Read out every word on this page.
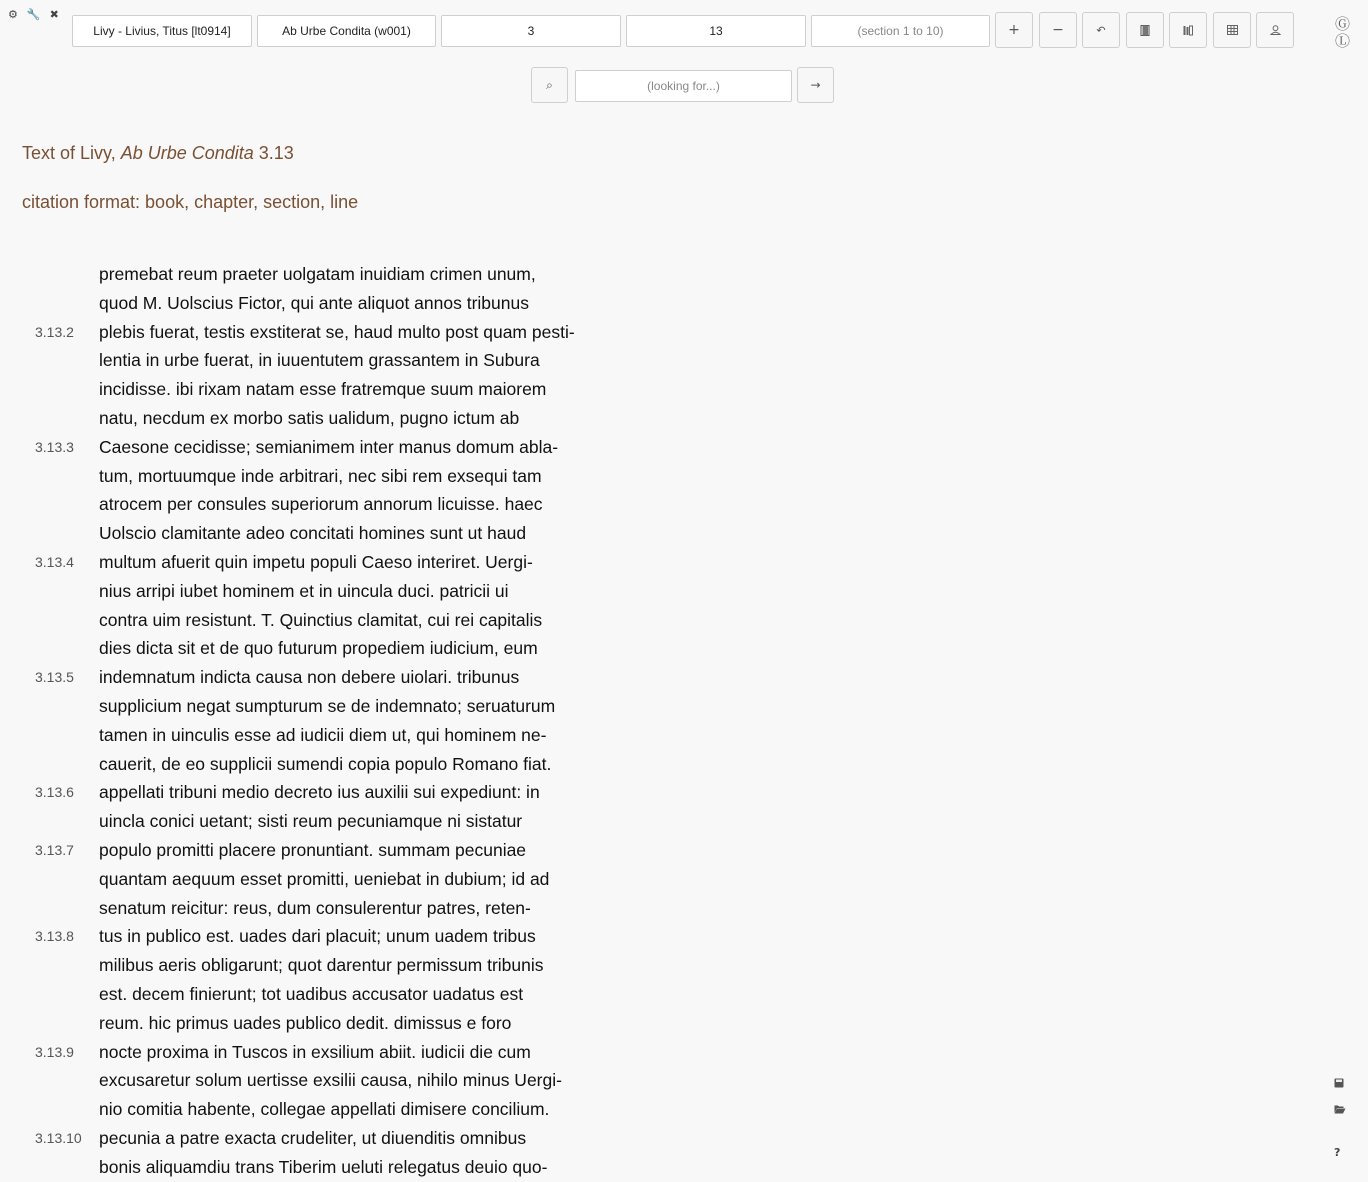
⚙ 🔧 ✖
Livy - Livius, Titus [lt0914]
Ab Urbe Condita (w001)
3
13
(section 1 to 10)
+ −	↶	Ⓖ
Ⓛ
⌕
(looking for...)	→
Text of Livy, Ab Urbe Condita 3.13
citation format: book, chapter, section, line
premebat reum praeter uolgatam inuidiam crimen unum,
quod M. Uolscius Fictor, qui ante aliquot annos tribunus
3.13.2 plebis fuerat, testis exstiterat se, haud multo post quam pesti-
lentia in urbe fuerat, in iuuentutem grassantem in Subura
incidisse. ibi rixam natam esse fratremque suum maiorem
natu, necdum ex morbo satis ualidum, pugno ictum ab
3.13.3 Caesone cecidisse; semianimem inter manus domum abla-
tum, mortuumque inde arbitrari, nec sibi rem exsequi tam
atrocem per consules superiorum annorum licuisse. haec
Uolscio clamitante adeo concitati homines sunt ut haud
3.13.4 multum afuerit quin impetu populi Caeso interiret. Uergi-
nius arripi iubet hominem et in uincula duci. patricii ui
contra uim resistunt. T. Quinctius clamitat, cui rei capitalis
dies dicta sit et de quo futurum propediem iudicium, eum
3.13.5 indemnatum indicta causa non debere uiolari. tribunus
supplicium negat sumpturum se de indemnato; seruaturum
tamen in uinculis esse ad iudicii diem ut, qui hominem ne-
cauerit, de eo supplicii sumendi copia populo Romano fiat.
3.13.6 appellati tribuni medio decreto ius auxilii sui expediunt: in
uincla conici uetant; sisti reum pecuniamque ni sistatur
3.13.7 populo promitti placere pronuntiant. summam pecuniae
quantam aequum esset promitti, ueniebat in dubium; id ad
senatum reicitur: reus, dum consulerentur patres, reten-
3.13.8 tus in publico est. uades dari placuit; unum uadem tribus
milibus aeris obligarunt; quot darentur permissum tribunis
est. decem finierunt; tot uadibus accusator uadatus est
reum. hic primus uades publico dedit. dimissus e foro
3.13.9 nocte proxima in Tuscos in exsilium abiit. iudicii die cum
excusaretur solum uertisse exsilii causa, nihilo minus Uergi-
nio comitia habente, collegae appellati dimisere concilium.
3.13.10 pecunia a patre exacta crudeliter, ut diuenditis omnibus
bonis aliquamdiu trans Tiberim ueluti relegatus deuio quo-
?
